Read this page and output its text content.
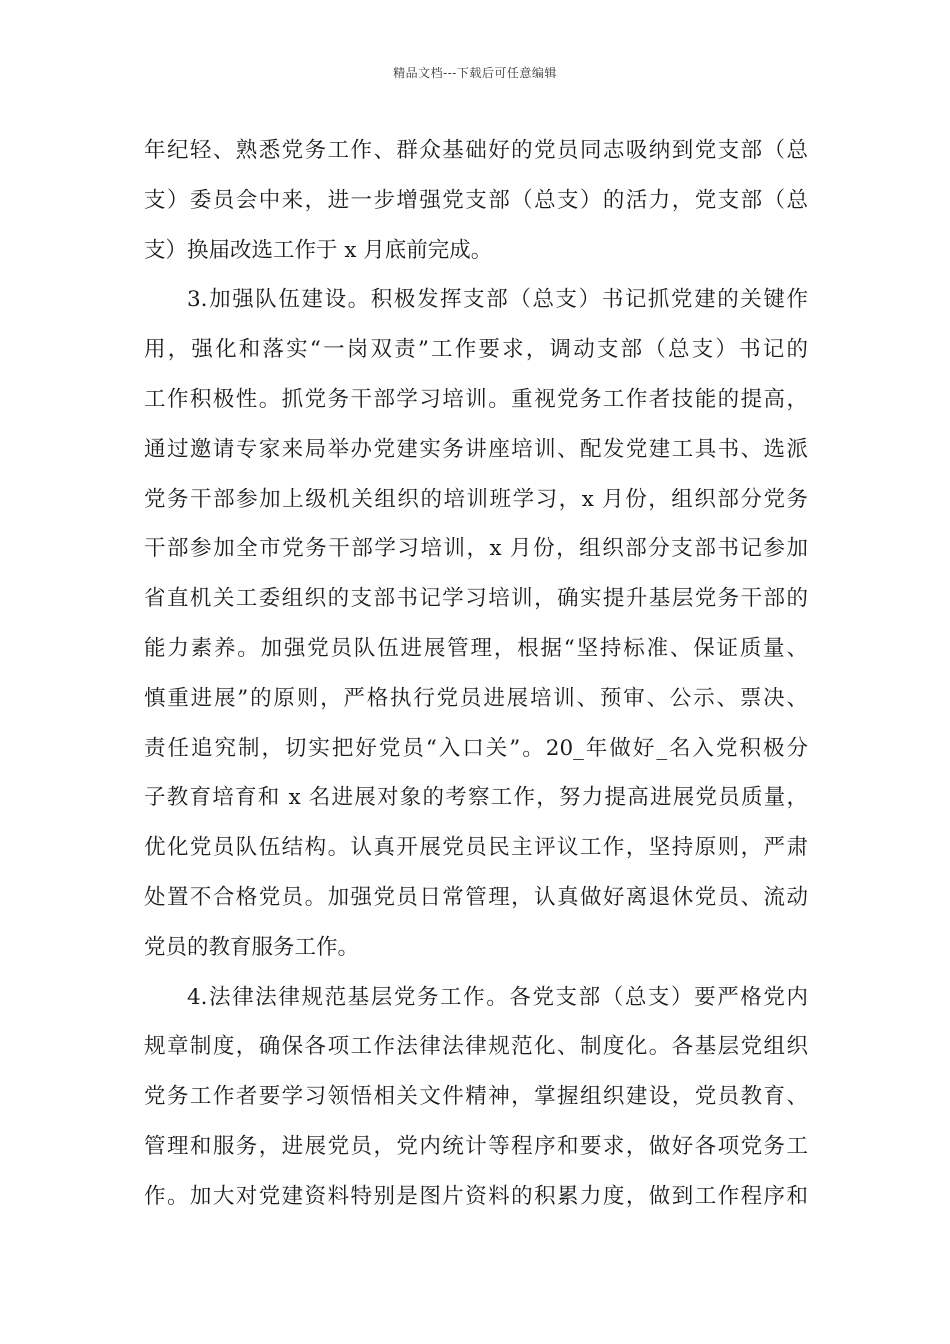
精品文档---下载后可任意编辑
年纪轻、熟悉党务工作、群众基础好的党员同志吸纳到党支部（总
支）委员会中来，进一步增强党支部（总支）的活力，党支部（总
支）换届改选工作于 x 月底前完成。
3.加强队伍建设。积极发挥支部（总支）书记抓党建的关键作
用，强化和落实“一岗双责”工作要求，调动支部（总支）书记的
工作积极性。抓党务干部学习培训。重视党务工作者技能的提高，
通过邀请专家来局举办党建实务讲座培训、配发党建工具书、选派
党务干部参加上级机关组织的培训班学习，x 月份，组织部分党务
干部参加全市党务干部学习培训，x 月份，组织部分支部书记参加
省直机关工委组织的支部书记学习培训，确实提升基层党务干部的
能力素养。加强党员队伍进展管理，根据“坚持标准、保证质量、
慎重进展”的原则，严格执行党员进展培训、预审、公示、票决、
责任追究制，切实把好党员“入口关”。20_年做好_名入党积极分
子教育培育和 x 名进展对象的考察工作，努力提高进展党员质量，
优化党员队伍结构。认真开展党员民主评议工作，坚持原则，严肃
处置不合格党员。加强党员日常管理，认真做好离退休党员、流动
党员的教育服务工作。
4.法律法律规范基层党务工作。各党支部（总支）要严格党内
规章制度，确保各项工作法律法律规范化、制度化。各基层党组织
党务工作者要学习领悟相关文件精神，掌握组织建设，党员教育、
管理和服务，进展党员，党内统计等程序和要求，做好各项党务工
作。加大对党建资料特别是图片资料的积累力度，做到工作程序和
